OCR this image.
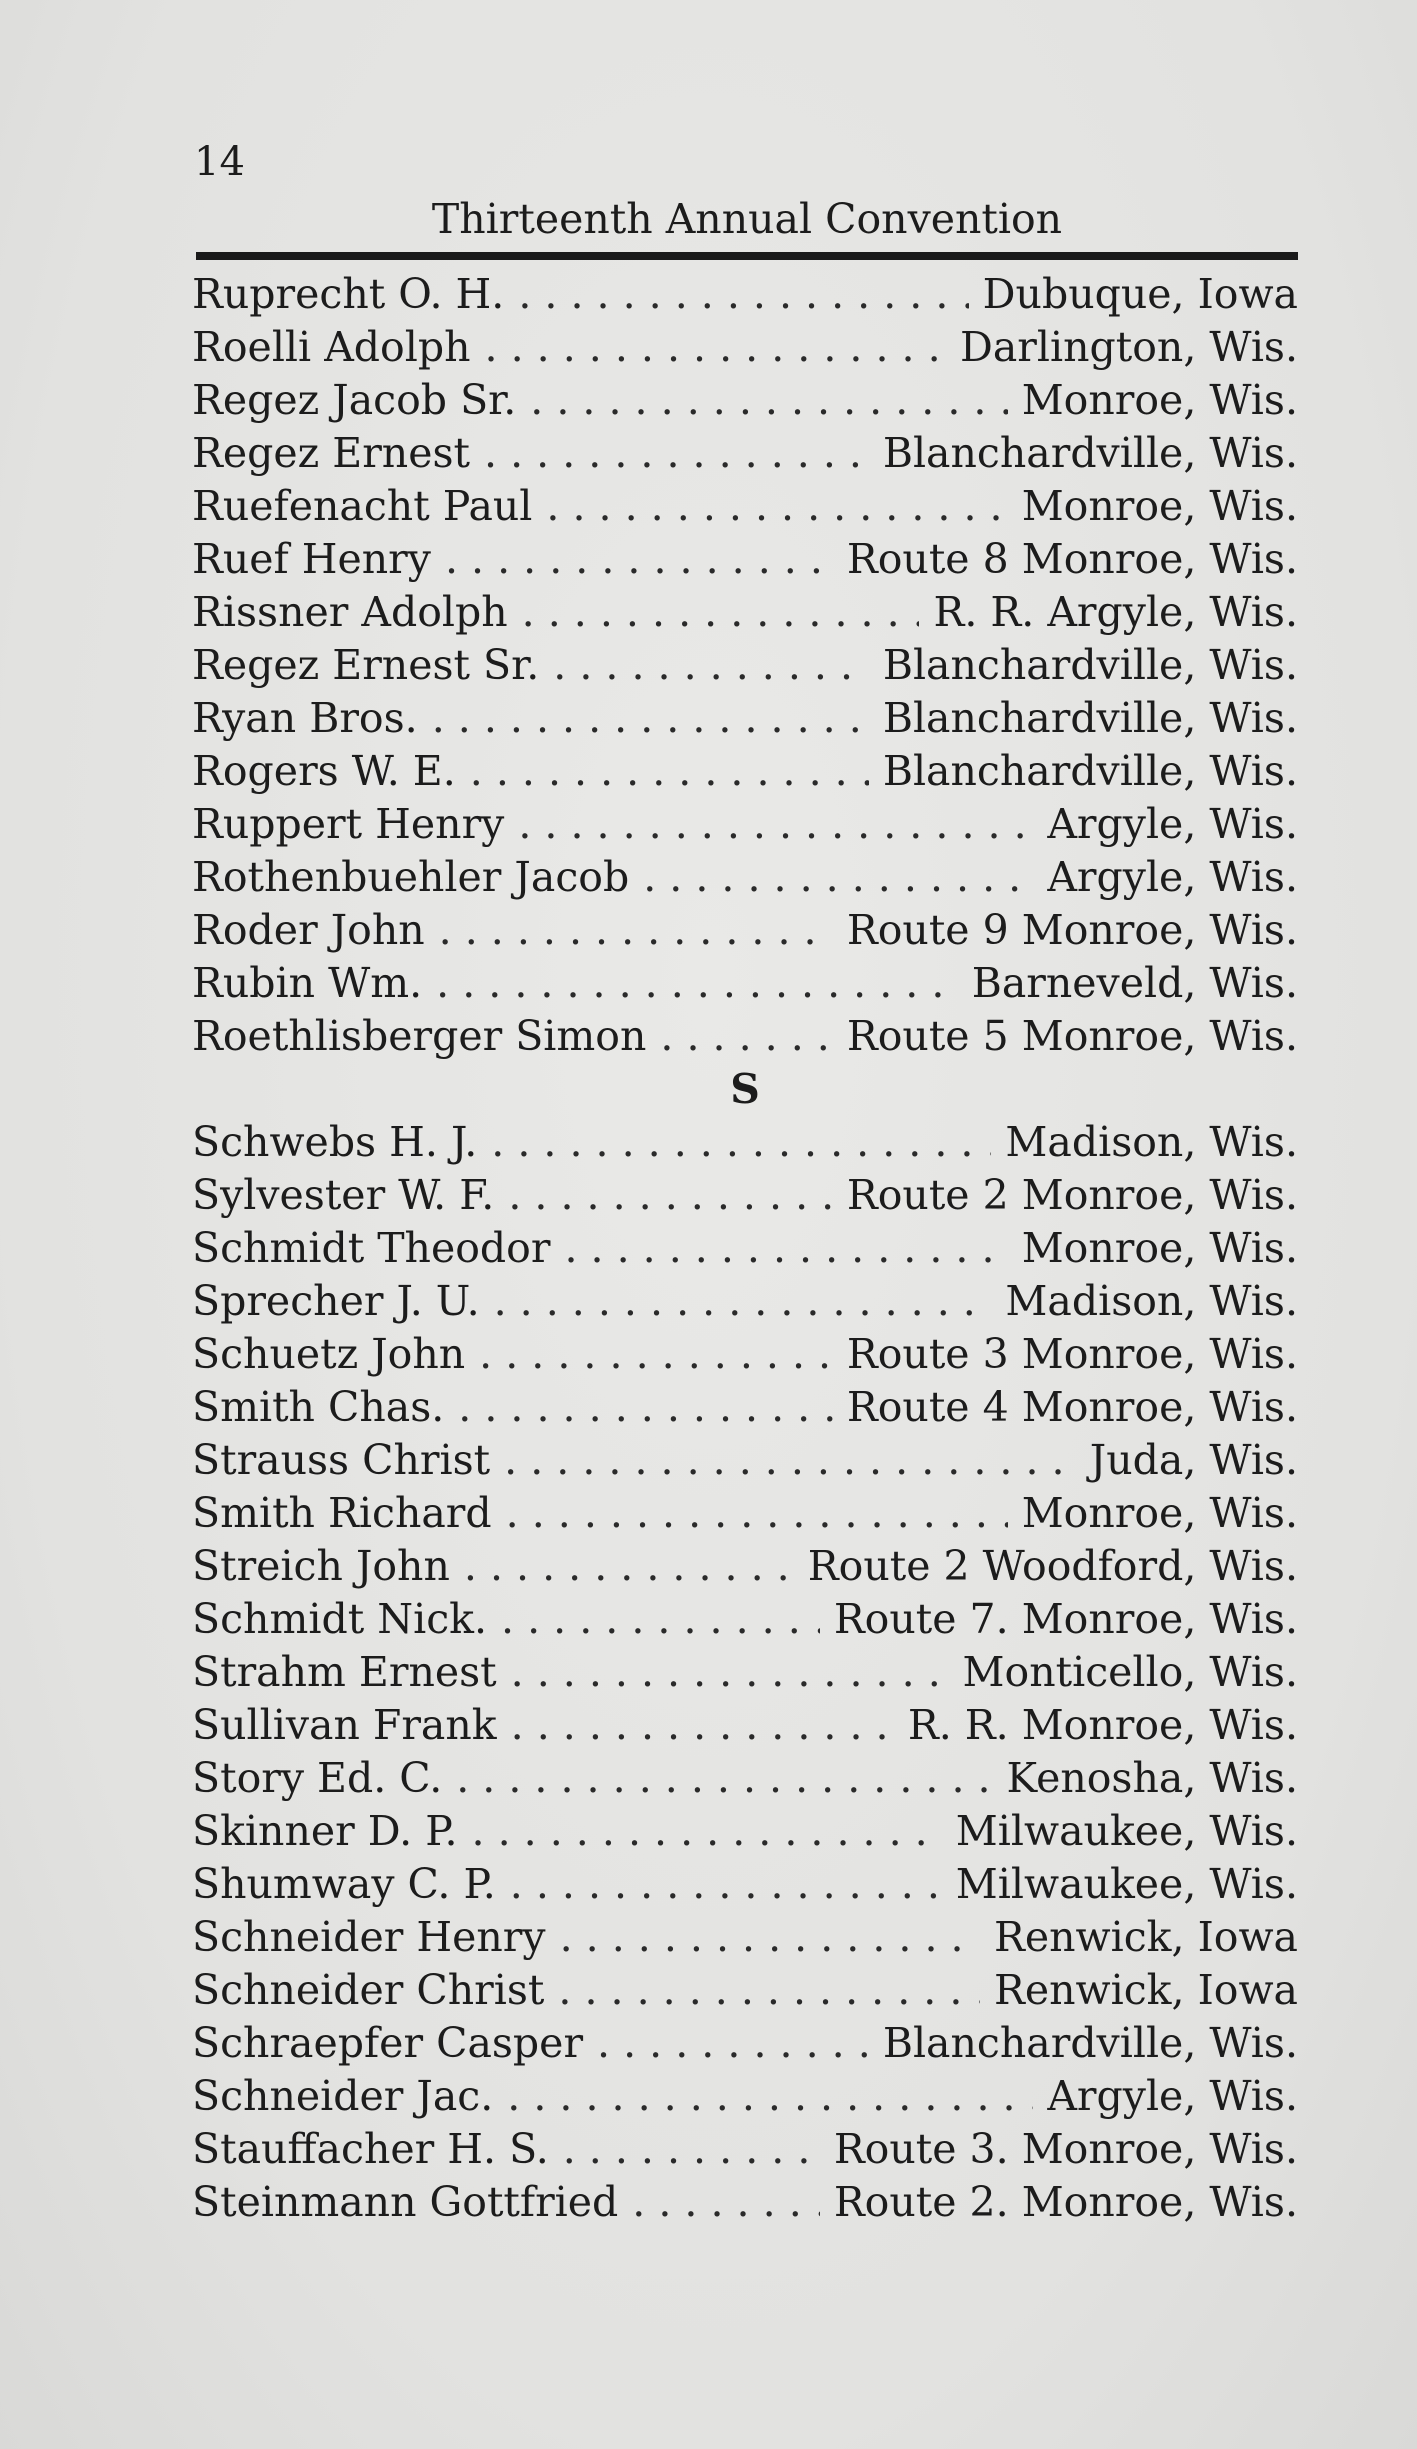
14
Thirteenth Annual Convention
Ruprecht O. H. . . .	Dubuque, Iowa
Roelli Adolph . . .	Darlington, Wis.
Regez Jacob Sr. . . .	Monroe, Wis.
Regez Ernest . . .	Blanchardville, Wis.
Ruefenacht Paul . . .	Monroe, Wis.
Ruef Henry . . .	Route 8 Monroe, Wis.
Rissner Adolph . . .	R. R. Argyle, Wis.
Regez Ernest Sr. . . .	Blanchardville, Wis.
Ryan Bros. . . .	Blanchardville, Wis.
Rogers W. E. . . .	Blanchardville, Wis.
Ruppert Henry . . .	Argyle, Wis.
Rothenbuehler Jacob . . .	Argyle, Wis.
Roder John . . .	Route 9 Monroe, Wis.
Rubin Wm. . . .	Barneveld, Wis.
Roethlisberger Simon . . .	Route 5 Monroe, Wis.
S
Schwebs H. J. . . .	Madison, Wis.
Sylvester W. F. . . .	Route 2 Monroe, Wis.
Schmidt Theodor . . .	Monroe, Wis.
Sprecher J. U. . . .	Madison, Wis.
Schuetz John . . .	Route 3 Monroe, Wis.
Smith Chas. . . .	Route 4 Monroe, Wis.
Strauss Christ . . .	Juda, Wis.
Smith Richard . . .	Monroe, Wis.
Streich John . . .	Route 2 Woodford, Wis.
Schmidt Nick. . . .	Route 7. Monroe, Wis.
Strahm Ernest . . .	Monticello, Wis.
Sullivan Frank . . .	R. R. Monroe, Wis.
Story Ed. C. . . .	Kenosha, Wis.
Skinner D. P. . . .	Milwaukee, Wis.
Shumway C. P. . . .	Milwaukee, Wis.
Schneider Henry . . .	Renwick, Iowa
Schneider Christ . . .	Renwick, Iowa
Schraepfer Casper . . .	Blanchardville, Wis.
Schneider Jac. . . .	Argyle, Wis.
Stauffacher H. S. . . .	Route 3. Monroe, Wis.
Steinmann Gottfried . . .	Route 2. Monroe, Wis.
